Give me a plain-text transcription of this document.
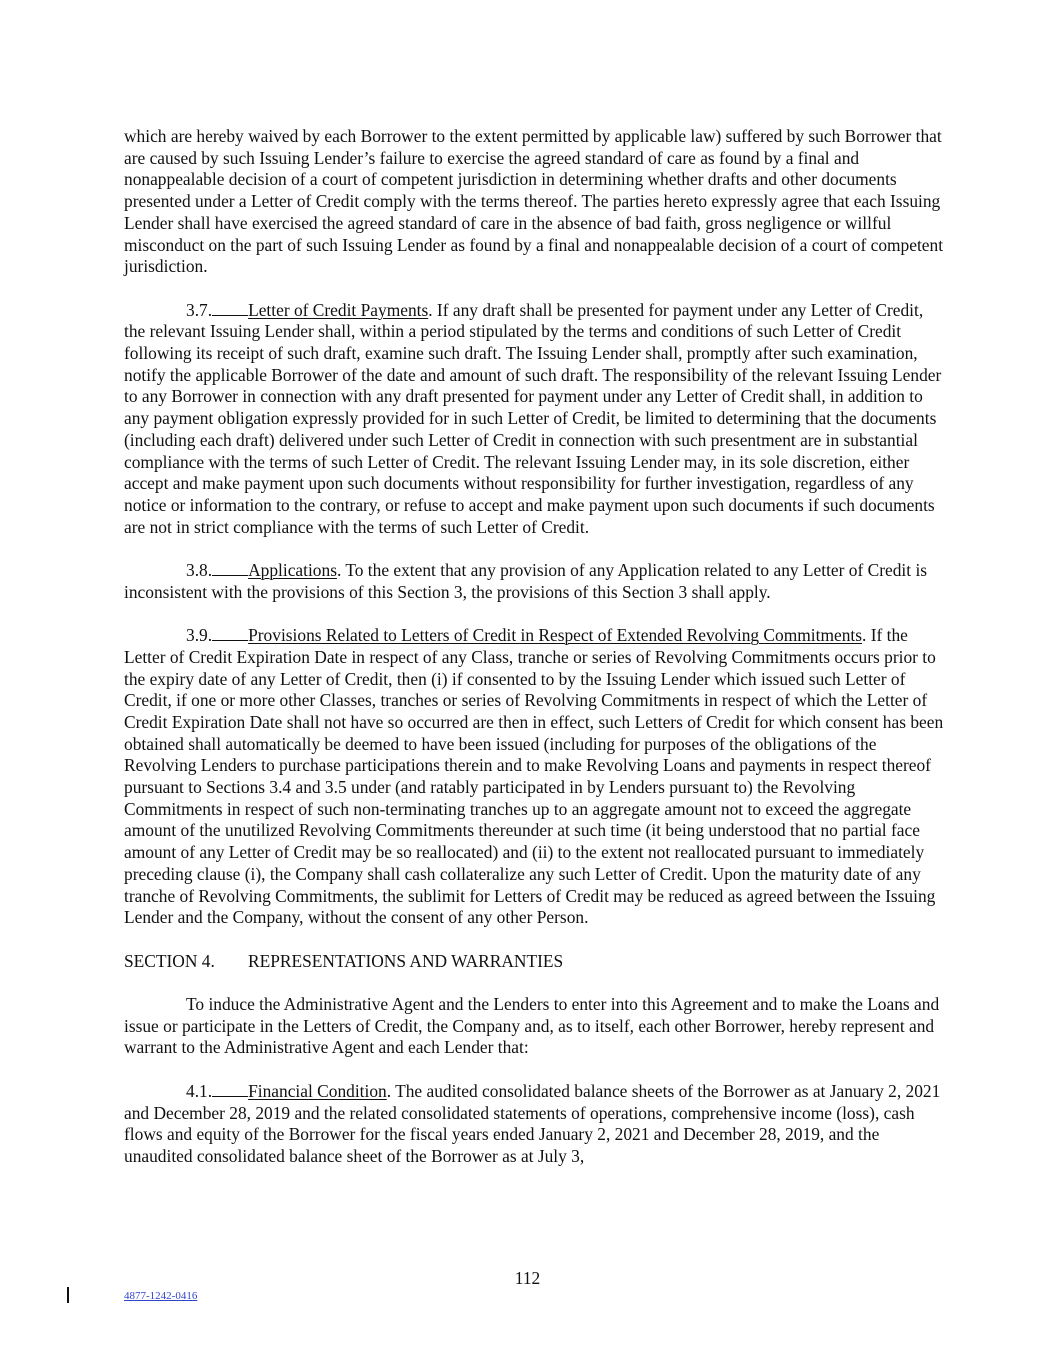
which are hereby waived by each Borrower to the extent permitted by applicable law) suffered by such Borrower that are caused by such Issuing Lender’s failure to exercise the agreed standard of care as found by a final and nonappealable decision of a court of competent jurisdiction in determining whether drafts and other documents presented under a Letter of Credit comply with the terms thereof. The parties hereto expressly agree that each Issuing Lender shall have exercised the agreed standard of care in the absence of bad faith, gross negligence or willful misconduct on the part of such Issuing Lender as found by a final and nonappealable decision of a court of competent jurisdiction.

3.7. Letter of Credit Payments. If any draft shall be presented for payment under any Letter of Credit, the relevant Issuing Lender shall, within a period stipulated by the terms and conditions of such Letter of Credit following its receipt of such draft, examine such draft. The Issuing Lender shall, promptly after such examination, notify the applicable Borrower of the date and amount of such draft. The responsibility of the relevant Issuing Lender to any Borrower in connection with any draft presented for payment under any Letter of Credit shall, in addition to any payment obligation expressly provided for in such Letter of Credit, be limited to determining that the documents (including each draft) delivered under such Letter of Credit in connection with such presentment are in substantial compliance with the terms of such Letter of Credit. The relevant Issuing Lender may, in its sole discretion, either accept and make payment upon such documents without responsibility for further investigation, regardless of any notice or information to the contrary, or refuse to accept and make payment upon such documents if such documents are not in strict compliance with the terms of such Letter of Credit.

3.8. Applications. To the extent that any provision of any Application related to any Letter of Credit is inconsistent with the provisions of this Section 3, the provisions of this Section 3 shall apply.

3.9. Provisions Related to Letters of Credit in Respect of Extended Revolving Commitments. If the Letter of Credit Expiration Date in respect of any Class, tranche or series of Revolving Commitments occurs prior to the expiry date of any Letter of Credit, then (i) if consented to by the Issuing Lender which issued such Letter of Credit, if one or more other Classes, tranches or series of Revolving Commitments in respect of which the Letter of Credit Expiration Date shall not have so occurred are then in effect, such Letters of Credit for which consent has been obtained shall automatically be deemed to have been issued (including for purposes of the obligations of the Revolving Lenders to purchase participations therein and to make Revolving Loans and payments in respect thereof pursuant to Sections 3.4 and 3.5 under (and ratably participated in by Lenders pursuant to) the Revolving Commitments in respect of such non-terminating tranches up to an aggregate amount not to exceed the aggregate amount of the unutilized Revolving Commitments thereunder at such time (it being understood that no partial face amount of any Letter of Credit may be so reallocated) and (ii) to the extent not reallocated pursuant to immediately preceding clause (i), the Company shall cash collateralize any such Letter of Credit. Upon the maturity date of any tranche of Revolving Commitments, the sublimit for Letters of Credit may be reduced as agreed between the Issuing Lender and the Company, without the consent of any other Person.

SECTION 4. REPRESENTATIONS AND WARRANTIES

To induce the Administrative Agent and the Lenders to enter into this Agreement and to make the Loans and issue or participate in the Letters of Credit, the Company and, as to itself, each other Borrower, hereby represent and warrant to the Administrative Agent and each Lender that:

4.1. Financial Condition. The audited consolidated balance sheets of the Borrower as at January 2, 2021 and December 28, 2019 and the related consolidated statements of operations, comprehensive income (loss), cash flows and equity of the Borrower for the fiscal years ended January 2, 2021 and December 28, 2019, and the unaudited consolidated balance sheet of the Borrower as at July 3,

112
4877-1242-0416
